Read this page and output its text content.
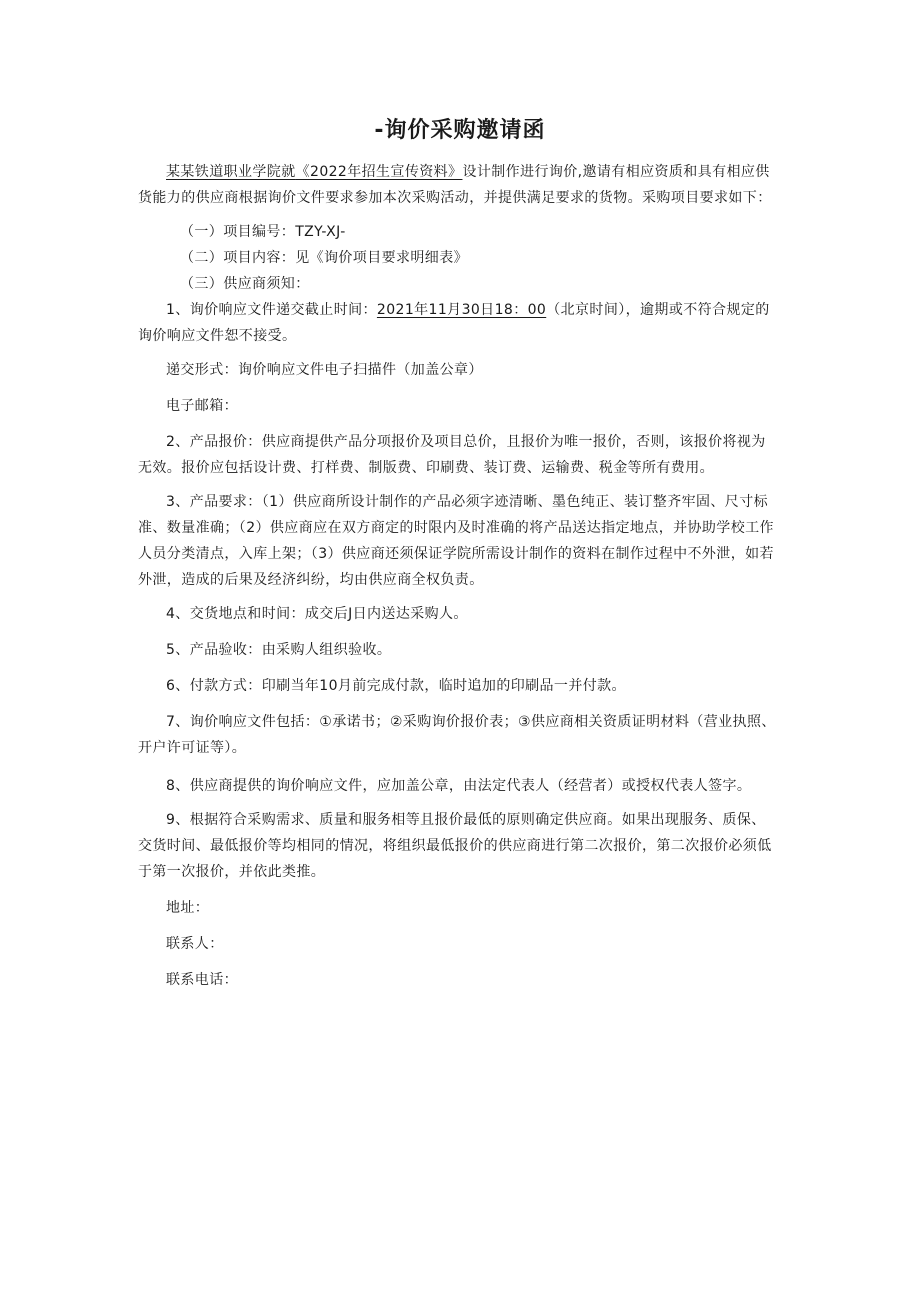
-询价采购邀请函

某某铁道职业学院就《2022年招生宣传资料》设计制作进行询价,邀请有相应资质和具有相应供货能力的供应商根据询价文件要求参加本次采购活动，并提供满足要求的货物。采购项目要求如下：

（一）项目编号：TZY-XJ-

（二）项目内容：见《询价项目要求明细表》

（三）供应商须知：

1、询价响应文件递交截止时间：2021年11月30日18：00（北京时间），逾期或不符合规定的询价响应文件恕不接受。

递交形式：询价响应文件电子扫描件（加盖公章）

电子邮箱：

2、产品报价：供应商提供产品分项报价及项目总价，且报价为唯一报价，否则，该报价将视为无效。报价应包括设计费、打样费、制版费、印刷费、装订费、运输费、税金等所有费用。

3、产品要求：（1）供应商所设计制作的产品必须字迹清晰、墨色纯正、装订整齐牢固、尺寸标准、数量准确；（2）供应商应在双方商定的时限内及时准确的将产品送达指定地点，并协助学校工作人员分类清点，入库上架；（3）供应商还须保证学院所需设计制作的资料在制作过程中不外泄，如若外泄，造成的后果及经济纠纷，均由供应商全权负责。

4、交货地点和时间：成交后J日内送达采购人。

5、产品验收：由采购人组织验收。

6、付款方式：印刷当年10月前完成付款，临时追加的印刷品一并付款。

7、询价响应文件包括：①承诺书；②采购询价报价表；③供应商相关资质证明材料（营业执照、开户许可证等）。

8、供应商提供的询价响应文件，应加盖公章，由法定代表人（经营者）或授权代表人签字。

9、根据符合采购需求、质量和服务相等且报价最低的原则确定供应商。如果出现服务、质保、交货时间、最低报价等均相同的情况，将组织最低报价的供应商进行第二次报价，第二次报价必须低于第一次报价，并依此类推。

地址：

联系人：

联系电话：
